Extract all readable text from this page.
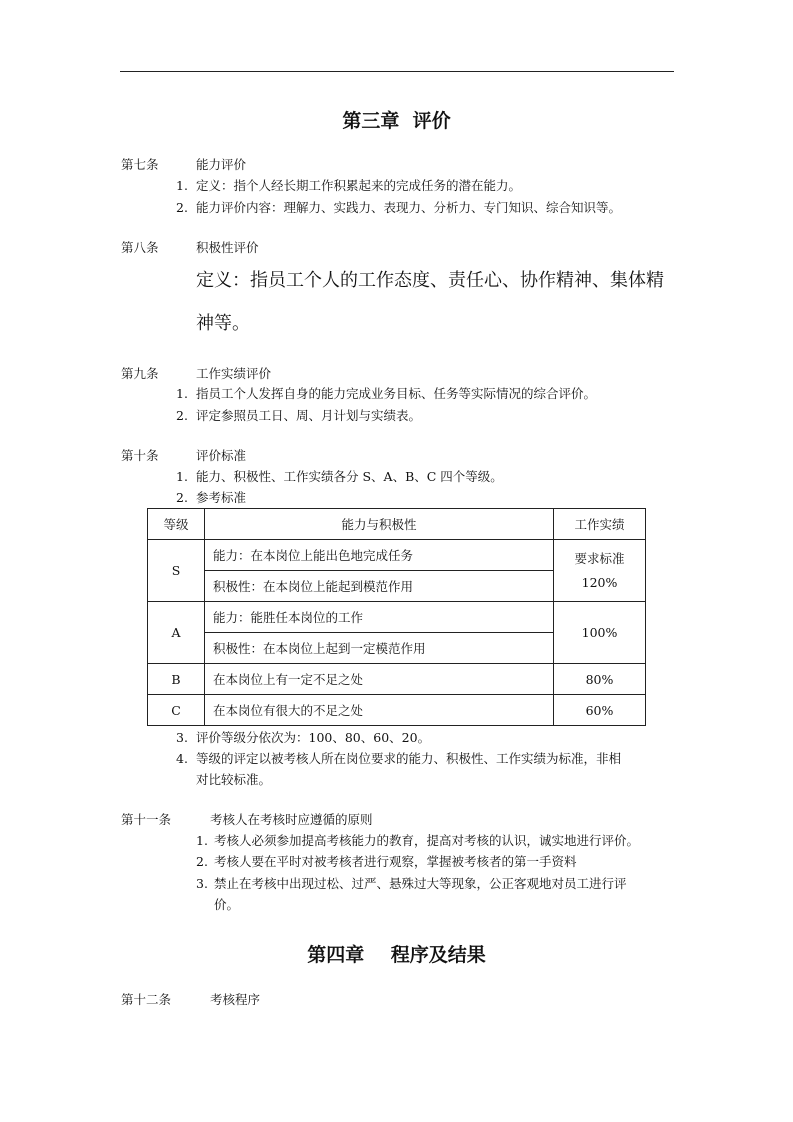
第三章  评价
第七条	能力评价
1. 定义：指个人经长期工作积累起来的完成任务的潜在能力。
2. 能力评价内容：理解力、实践力、表现力、分析力、专门知识、综合知识等。
第八条	积极性评价
定义：指员工个人的工作态度、责任心、协作精神、集体精
神等。
第九条	工作实绩评价
1. 指员工个人发挥自身的能力完成业务目标、任务等实际情况的综合评价。
2. 评定参照员工日、周、月计划与实绩表。
第十条	评价标准
1. 能力、积极性、工作实绩各分 S、A、B、C 四个等级。
2. 参考标准
等级	能力与积极性	工作实绩
S	能力：在本岗位上能出色地完成任务	要求标准
120%
	积极性：在本岗位上能起到模范作用	
A	能力：能胜任本岗位的工作	100%
	积极性：在本岗位上起到一定模范作用	
B	在本岗位上有一定不足之处	80%
C	在本岗位有很大的不足之处	60%
3. 评价等级分依次为：100、80、60、20。
4. 等级的评定以被考核人所在岗位要求的能力、积极性、工作实绩为标准，非相
对比较标准。
第十一条	考核人在考核时应遵循的原则
1. 考核人必须参加提高考核能力的教育，提高对考核的认识，诚实地进行评价。
2. 考核人要在平时对被考核者进行观察，掌握被考核者的第一手资料
3. 禁止在考核中出现过松、过严、悬殊过大等现象，公正客观地对员工进行评
价。
第四章    程序及结果
第十二条	考核程序
